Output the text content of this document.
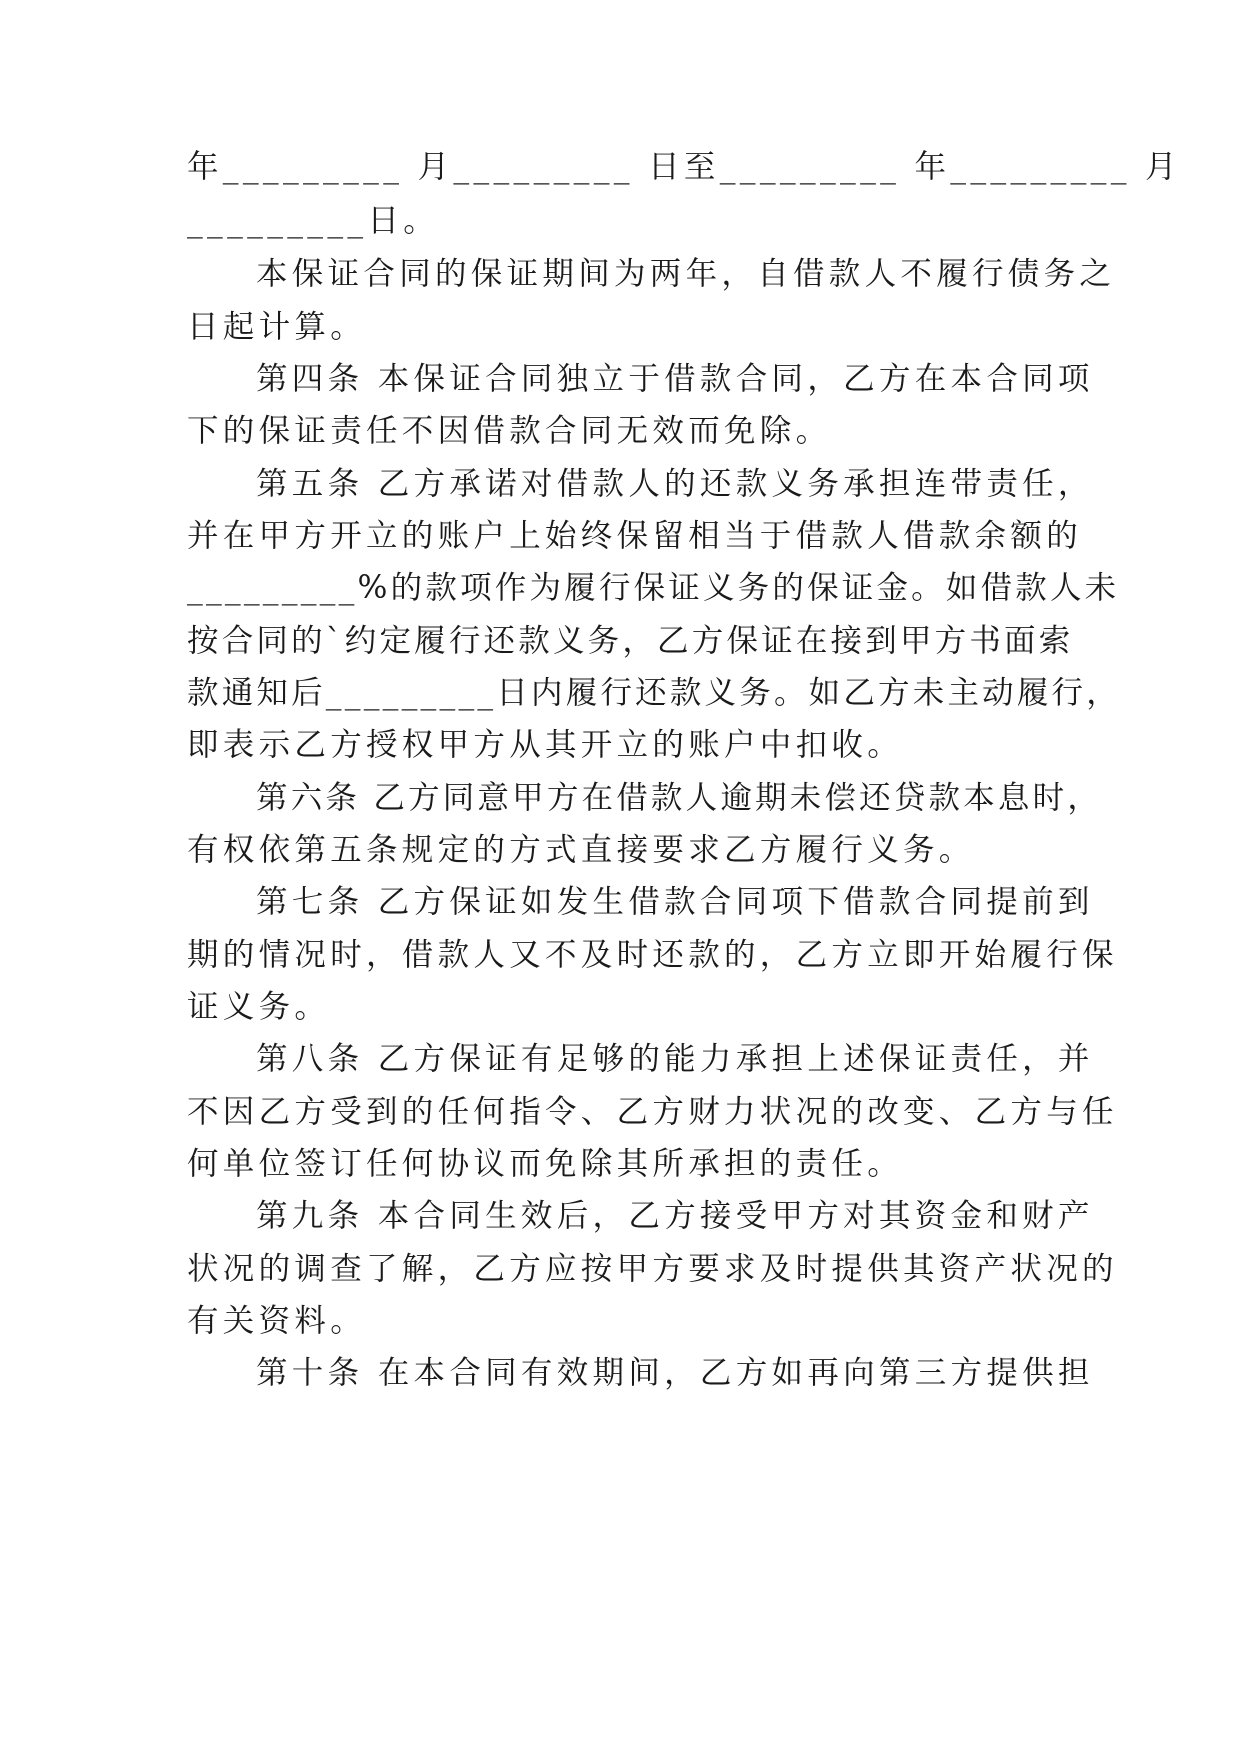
年_________ 月_________ 日至_________ 年_________ 月
_________日。
本保证合同的保证期间为两年，自借款人不履行债务之
日起计算。
第四条 本保证合同独立于借款合同，乙方在本合同项
下的保证责任不因借款合同无效而免除。
第五条 乙方承诺对借款人的还款义务承担连带责任，
并在甲方开立的账户上始终保留相当于借款人借款余额的
_________%的款项作为履行保证义务的保证金。如借款人未
按合同的`约定履行还款义务，乙方保证在接到甲方书面索
款通知后_________日内履行还款义务。如乙方未主动履行，
即表示乙方授权甲方从其开立的账户中扣收。
第六条 乙方同意甲方在借款人逾期未偿还贷款本息时，
有权依第五条规定的方式直接要求乙方履行义务。
第七条 乙方保证如发生借款合同项下借款合同提前到
期的情况时，借款人又不及时还款的，乙方立即开始履行保
证义务。
第八条 乙方保证有足够的能力承担上述保证责任，并
不因乙方受到的任何指令、乙方财力状况的改变、乙方与任
何单位签订任何协议而免除其所承担的责任。
第九条 本合同生效后，乙方接受甲方对其资金和财产
状况的调查了解，乙方应按甲方要求及时提供其资产状况的
有关资料。
第十条 在本合同有效期间，乙方如再向第三方提供担
